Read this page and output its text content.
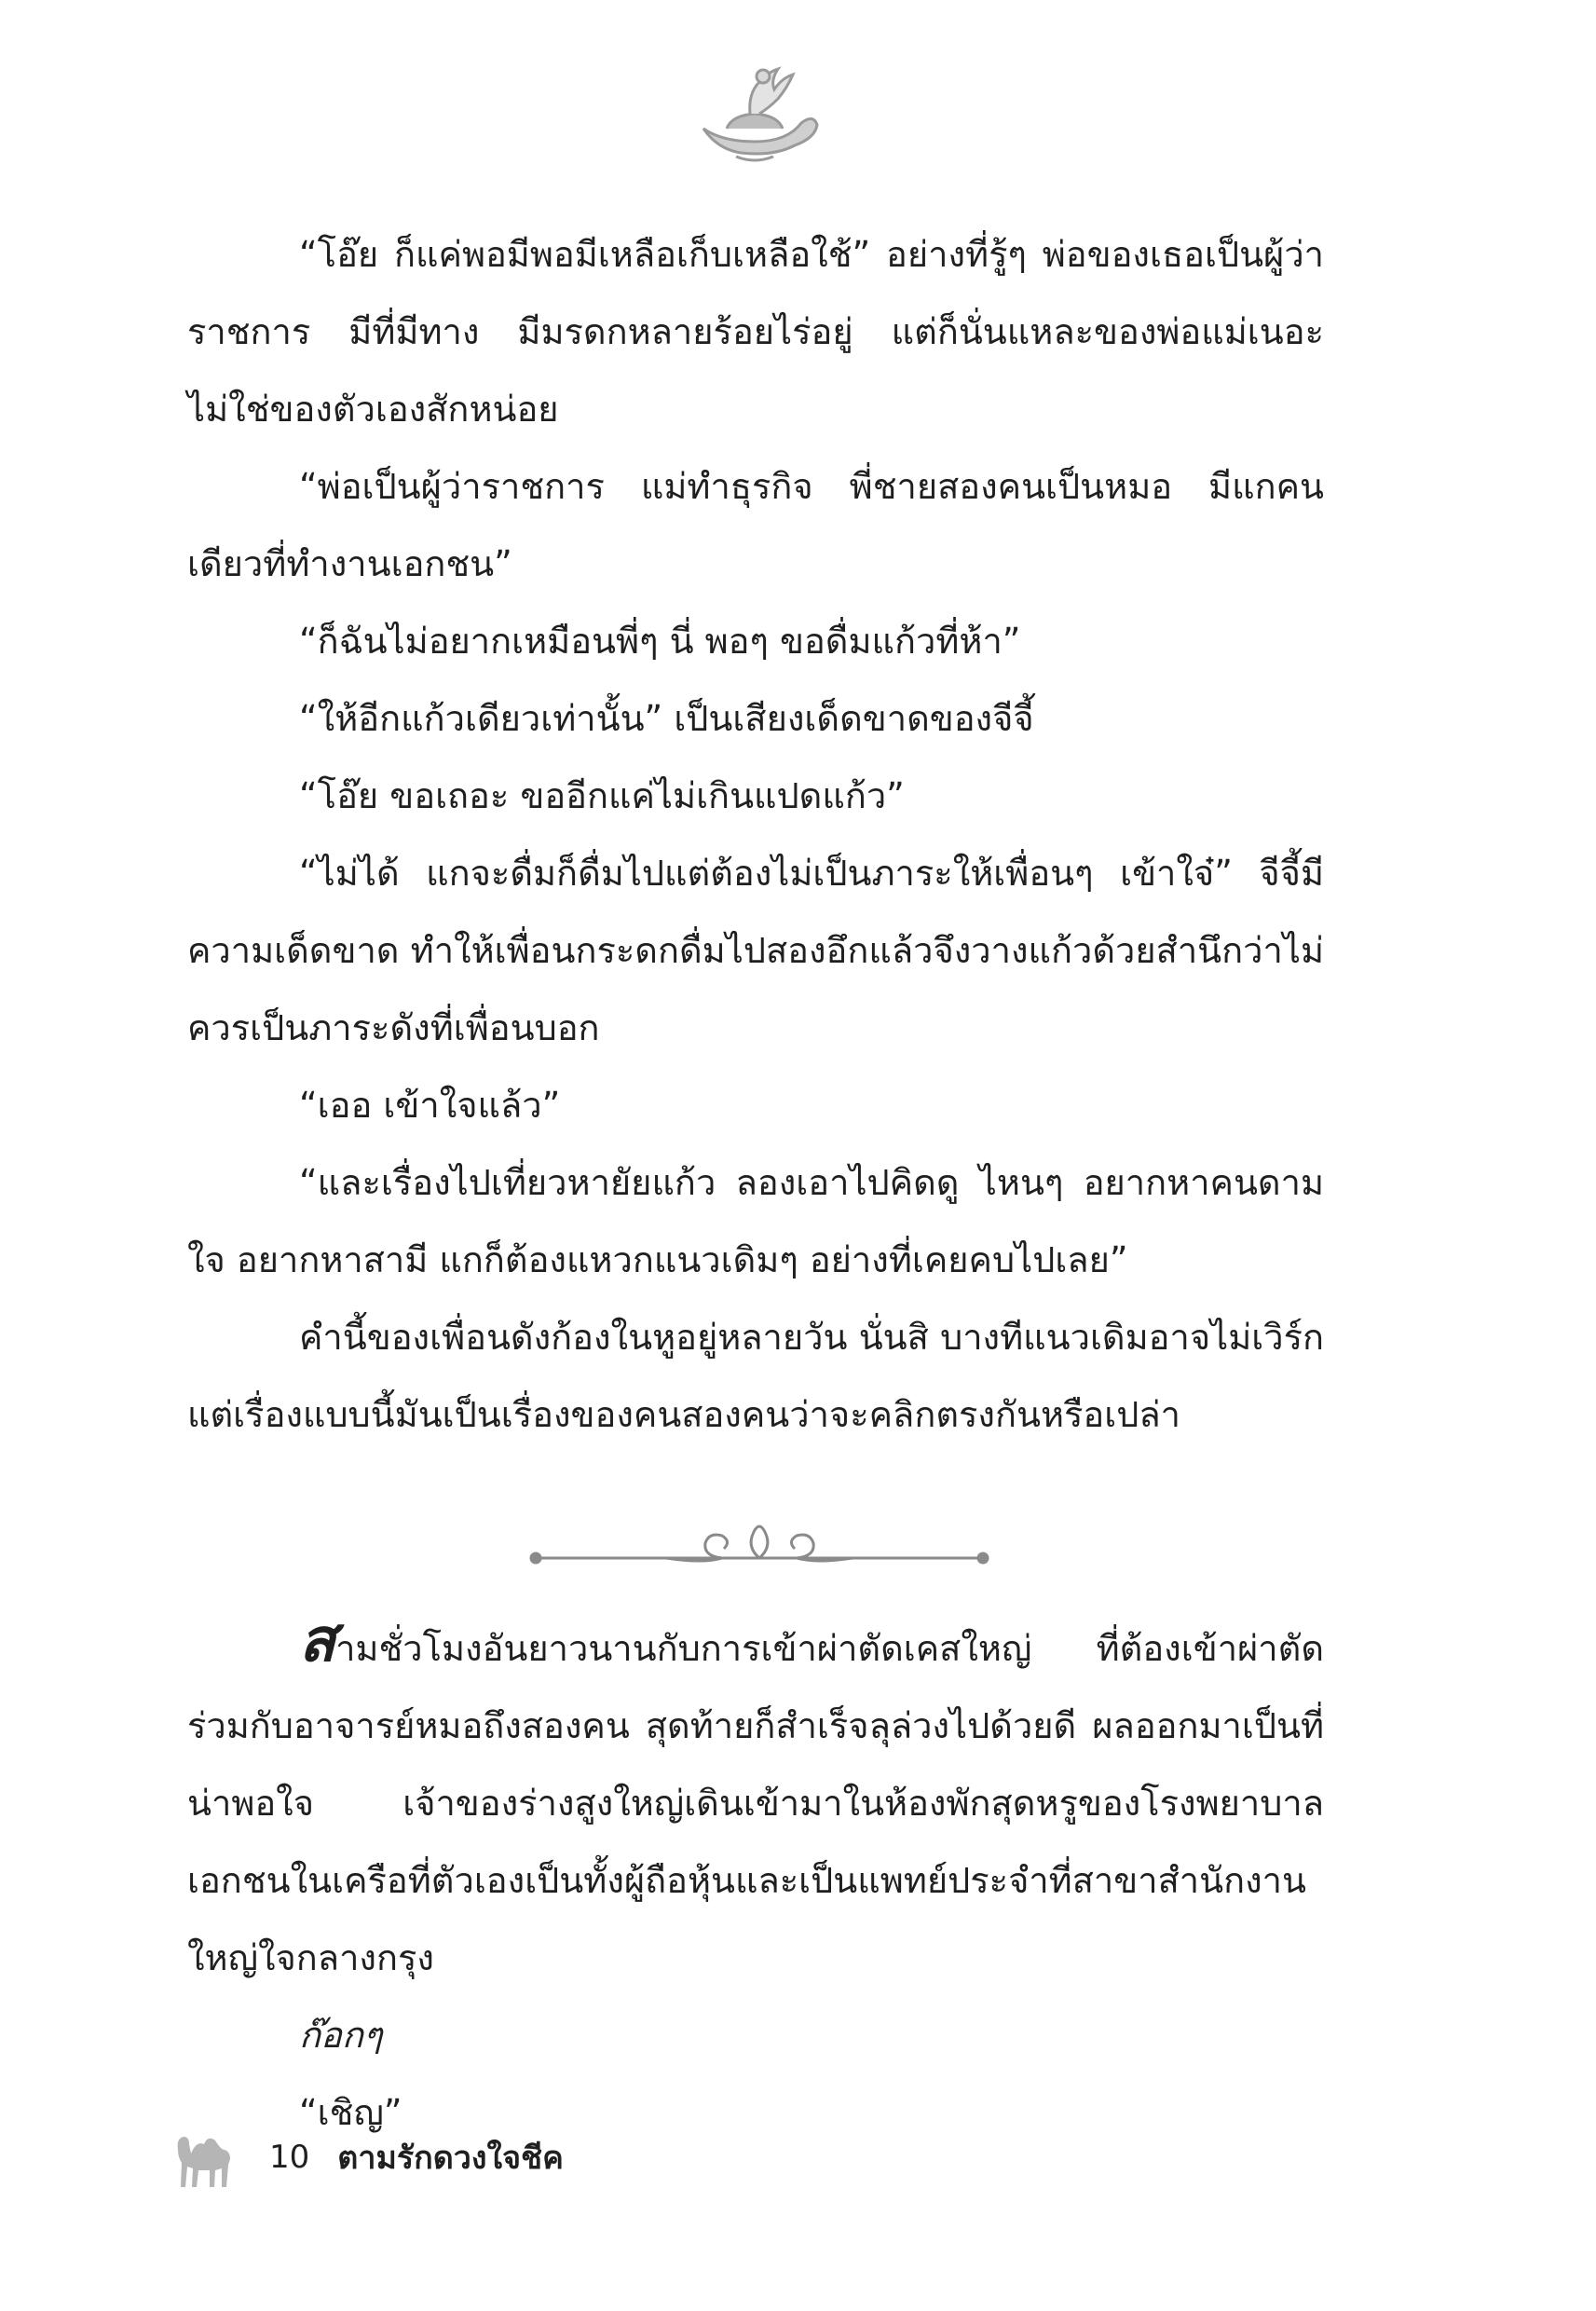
“โอ๊ย ก็แค่พอมีพอมีเหลือเก็บเหลือใช้” อย่างที่รู้ๆ พ่อของเธอเป็นผู้ว่าราชการ มีที่มีทาง มีมรดกหลายร้อยไร่อยู่ แต่ก็นั่นแหละของพ่อแม่เนอะ ไม่ใช่ของตัวเองสักหน่อย

“พ่อเป็นผู้ว่าราชการ แม่ทำธุรกิจ พี่ชายสองคนเป็นหมอ มีแกคนเดียวที่ทำงานเอกชน”

“ก็ฉันไม่อยากเหมือนพี่ๆ นี่ พอๆ ขอดื่มแก้วที่ห้า”

“ให้อีกแก้วเดียวเท่านั้น” เป็นเสียงเด็ดขาดของจีจี้

“โอ๊ย ขอเถอะ ขออีกแค่ไม่เกินแปดแก้ว”

“ไม่ได้ แกจะดื่มก็ดื่มไปแต่ต้องไม่เป็นภาระให้เพื่อนๆ เข้าใจ๋” จีจี้มีความเด็ดขาด ทำให้เพื่อนกระดกดื่มไปสองอึกแล้วจึงวางแก้วด้วยสำนึกว่าไม่ควรเป็นภาระดังที่เพื่อนบอก

“เออ เข้าใจแล้ว”

“และเรื่องไปเที่ยวหายัยแก้ว ลองเอาไปคิดดู ไหนๆ อยากหาคนดามใจ อยากหาสามี แกก็ต้องแหวกแนวเดิมๆ อย่างที่เคยคบไปเลย”

คำนี้ของเพื่อนดังก้องในหูอยู่หลายวัน นั่นสิ บางทีแนวเดิมอาจไม่เวิร์ก แต่เรื่องแบบนี้มันเป็นเรื่องของคนสองคนว่าจะคลิกตรงกันหรือเปล่า

สามชั่วโมงอันยาวนานกับการเข้าผ่าตัดเคสใหญ่ ที่ต้องเข้าผ่าตัดร่วมกับอาจารย์หมอถึงสองคน สุดท้ายก็สำเร็จลุล่วงไปด้วยดี ผลออกมาเป็นที่น่าพอใจ เจ้าของร่างสูงใหญ่เดินเข้ามาในห้องพักสุดหรูของโรงพยาบาลเอกชนในเครือที่ตัวเองเป็นทั้งผู้ถือหุ้นและเป็นแพทย์ประจำที่สาขาสำนักงานใหญ่ใจกลางกรุง

ก๊อกๆ

“เชิญ”

10 ตามรักดวงใจชีค
